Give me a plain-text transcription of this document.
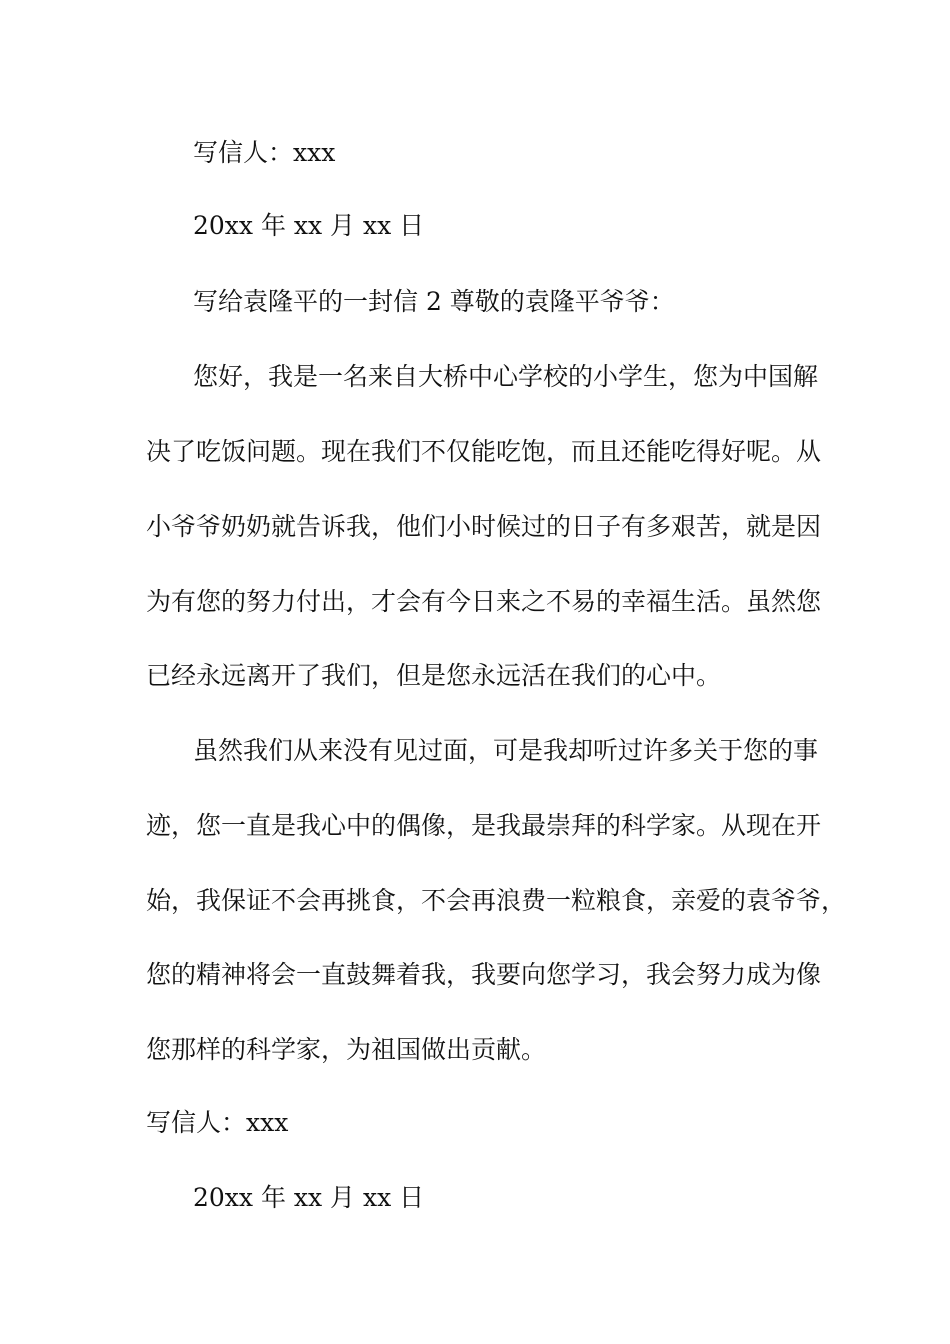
写信人：xxx
20xx 年 xx 月 xx 日
写给袁隆平的一封信 2 尊敬的袁隆平爷爷：
您好，我是一名来自大桥中心学校的小学生，您为中国解
决了吃饭问题。现在我们不仅能吃饱，而且还能吃得好呢。从
小爷爷奶奶就告诉我，他们小时候过的日子有多艰苦，就是因
为有您的努力付出，才会有今日来之不易的幸福生活。虽然您
已经永远离开了我们，但是您永远活在我们的心中。
虽然我们从来没有见过面，可是我却听过许多关于您的事
迹，您一直是我心中的偶像，是我最崇拜的科学家。从现在开
始，我保证不会再挑食，不会再浪费一粒粮食，亲爱的袁爷爷，
您的精神将会一直鼓舞着我，我要向您学习，我会努力成为像
您那样的科学家，为祖国做出贡献。
写信人：xxx
20xx 年 xx 月 xx 日
